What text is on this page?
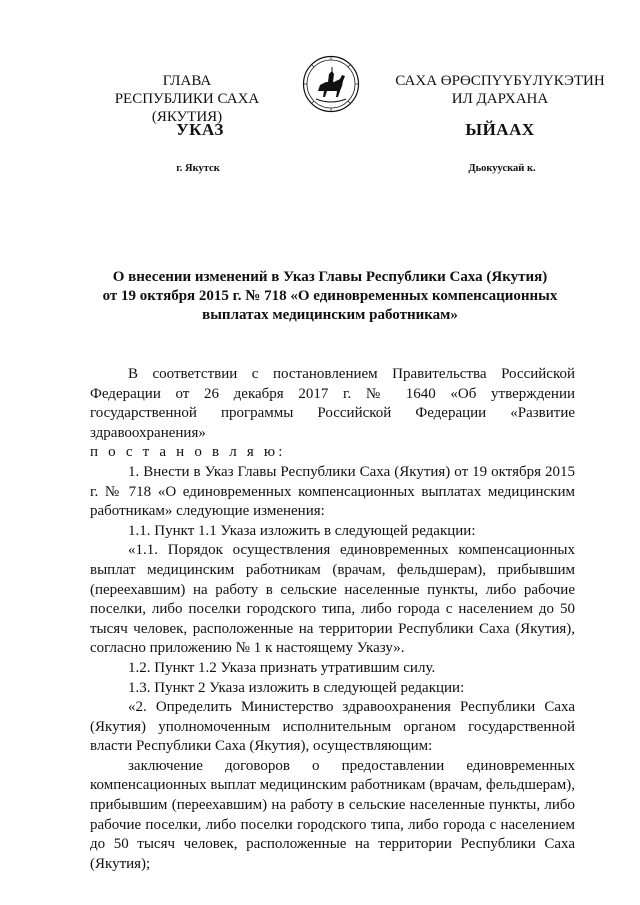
ГЛАВА
РЕСПУБЛИКИ САХА (ЯКУТИЯ)
САХА ӨРӨСПҮҮБҮЛҮКЭТИН
ИЛ ДАРХАНА
УКАЗ	ЫЙААХ
г. Якутск	Дьокуускай к.
О внесении изменений в Указ Главы Республики Саха (Якутия)
от 19 октября 2015 г. № 718 «О единовременных компенсационных
выплатах медицинским работникам»

В соответствии с постановлением Правительства Российской Федерации от 26 декабря 2017 г. № 1640 «Об утверждении государственной программы Российской Федерации «Развитие здравоохранения»

п о с т а н о в л я ю:

1. Внести в Указ Главы Республики Саха (Якутия) от 19 октября 2015 г. № 718 «О единовременных компенсационных выплатах медицинским работникам» следующие изменения:

1.1. Пункт 1.1 Указа изложить в следующей редакции:

«1.1. Порядок осуществления единовременных компенсационных выплат медицинским работникам (врачам, фельдшерам), прибывшим (переехавшим) на работу в сельские населенные пункты, либо рабочие поселки, либо поселки городского типа, либо города с населением до 50 тысяч человек, расположенные на территории Республики Саха (Якутия), согласно приложению № 1 к настоящему Указу».

1.2. Пункт 1.2 Указа признать утратившим силу.

1.3. Пункт 2 Указа изложить в следующей редакции:

«2. Определить Министерство здравоохранения Республики Саха (Якутия) уполномоченным исполнительным органом государственной власти Республики Саха (Якутия), осуществляющим:

заключение договоров о предоставлении единовременных компенсационных выплат медицинским работникам (врачам, фельдшерам), прибывшим (переехавшим) на работу в сельские населенные пункты, либо рабочие поселки, либо поселки городского типа, либо города с населением до 50 тысяч человек, расположенные на территории Республики Саха (Якутия);
